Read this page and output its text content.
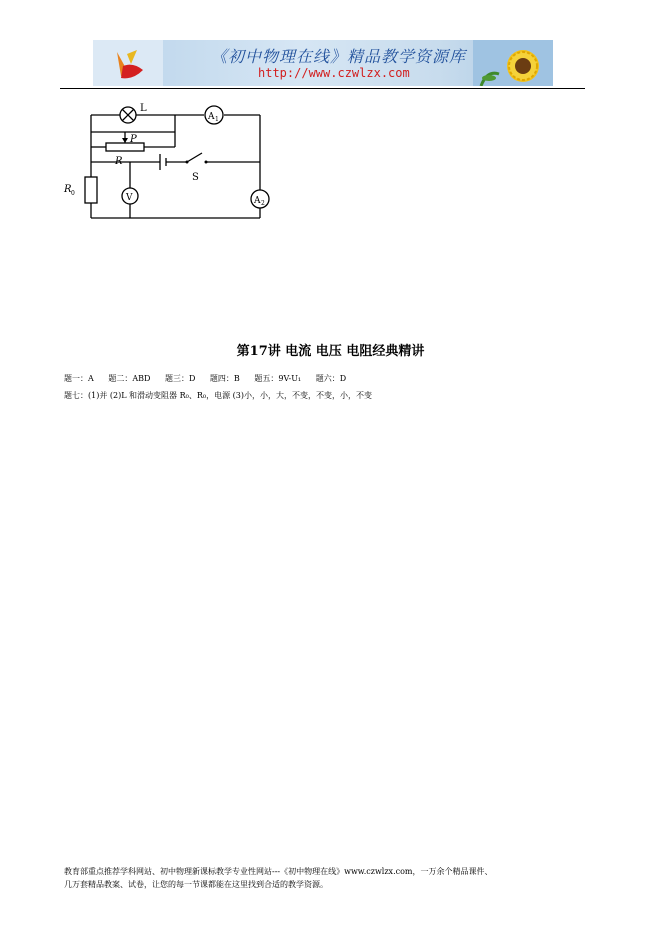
《初中物理在线》精品教学资源库
http://www.czwlzx.com
L
A 1
P
R
S
R 0	V	A 2
第17讲 电流 电压 电阻经典精讲
题一：A 题二：ABD 题三：D 题四：B 题五：9V-U₁ 题六：D
题七：(1)并 (2)L 和滑动变阻器 R₀、R₀，电源 (3)小，小，大，不变，不变，小，不变
教育部重点推荐学科网站、初中物理新课标教学专业性网站---《初中物理在线》www.czwlzx.com，一万余个精品课件、
几万套精品教案、试卷，让您的每一节课都能在这里找到合适的教学资源。
